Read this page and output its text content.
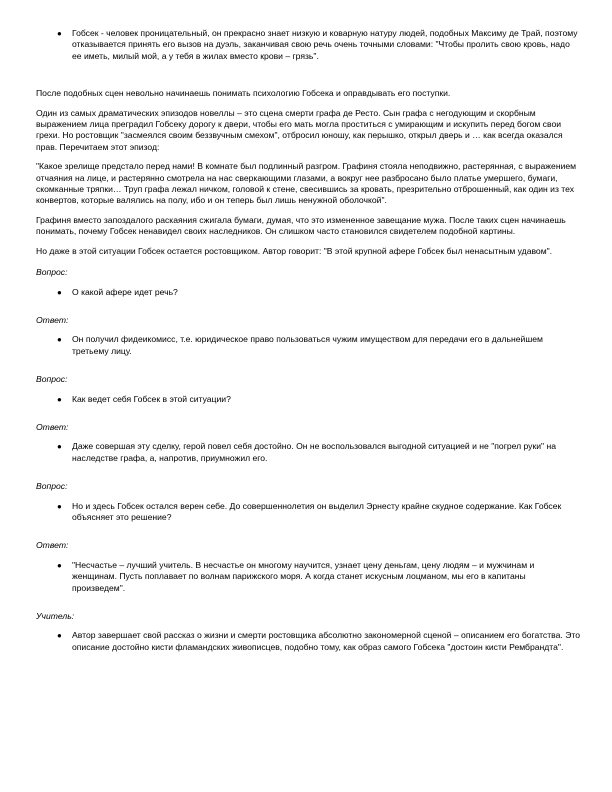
● Гобсек - человек проницательный, он прекрасно знает низкую и коварную натуру людей, подобных Максиму де Трай, поэтому отказывается принять его вызов на дуэль, заканчивая свою речь очень точными словами: "Чтобы пролить свою кровь, надо ее иметь, милый мой, а у тебя в жилах вместо крови – грязь".

После подобных сцен невольно начинаешь понимать психологию Гобсека и оправдывать его поступки.

Один из самых драматических эпизодов новеллы – это сцена смерти графа де Ресто. Сын графа с негодующим и скорбным выражением лица преградил Гобсеку дорогу к двери, чтобы его мать могла проститься с умирающим и искупить перед богом свои грехи. Но ростовщик "засмеялся своим беззвучным смехом", отбросил юношу, как перышко, открыл дверь и … как всегда оказался прав. Перечитаем этот эпизод:

"Какое зрелище предстало перед нами! В комнате был подлинный разгром. Графиня стояла неподвижно, растерянная, с выражением отчаяния на лице, и растерянно смотрела на нас сверкающими глазами, а вокруг нее разбросано было платье умершего, бумаги, скомканные тряпки… Труп графа лежал ничком, головой к стене, свесившись за кровать, презрительно отброшенный, как один из тех конвертов, которые валялись на полу, ибо и он теперь был лишь ненужной оболочкой".

Графиня вместо запоздалого раскаяния сжигала бумаги, думая, что это измененное завещание мужа. После таких сцен начинаешь понимать, почему Гобсек ненавидел своих наследников. Он слишком часто становился свидетелем подобной картины.

Но даже в этой ситуации Гобсек остается ростовщиком. Автор говорит: "В этой крупной афере Гобсек был ненасытным удавом".

Вопрос:
● О какой афере идет речь?
Ответ:
● Он получил фидеикомисс, т.е. юридическое право пользоваться чужим имуществом для передачи его в дальнейшем третьему лицу.
Вопрос:
● Как ведет себя Гобсек в этой ситуации?
Ответ:
● Даже совершая эту сделку, герой повел себя достойно. Он не воспользовался выгодной ситуацией и не "погрел руки" на наследстве графа, а, напротив, приумножил его.
Вопрос:
● Но и здесь Гобсек остался верен себе. До совершеннолетия он выделил Эрнесту крайне скудное содержание. Как Гобсек объясняет это решение?
Ответ:
● "Несчастье – лучший учитель. В несчастье он многому научится, узнает цену деньгам, цену людям – и мужчинам и женщинам. Пусть поплавает по волнам парижского моря. А когда станет искусным лоцманом, мы его в капитаны произведем".
Учитель:
● Автор завершает свой рассказ о жизни и смерти ростовщика абсолютно закономерной сценой – описанием его богатства. Это описание достойно кисти фламандских живописцев, подобно тому, как образ самого Гобсека "достоин кисти Рембрандта".
